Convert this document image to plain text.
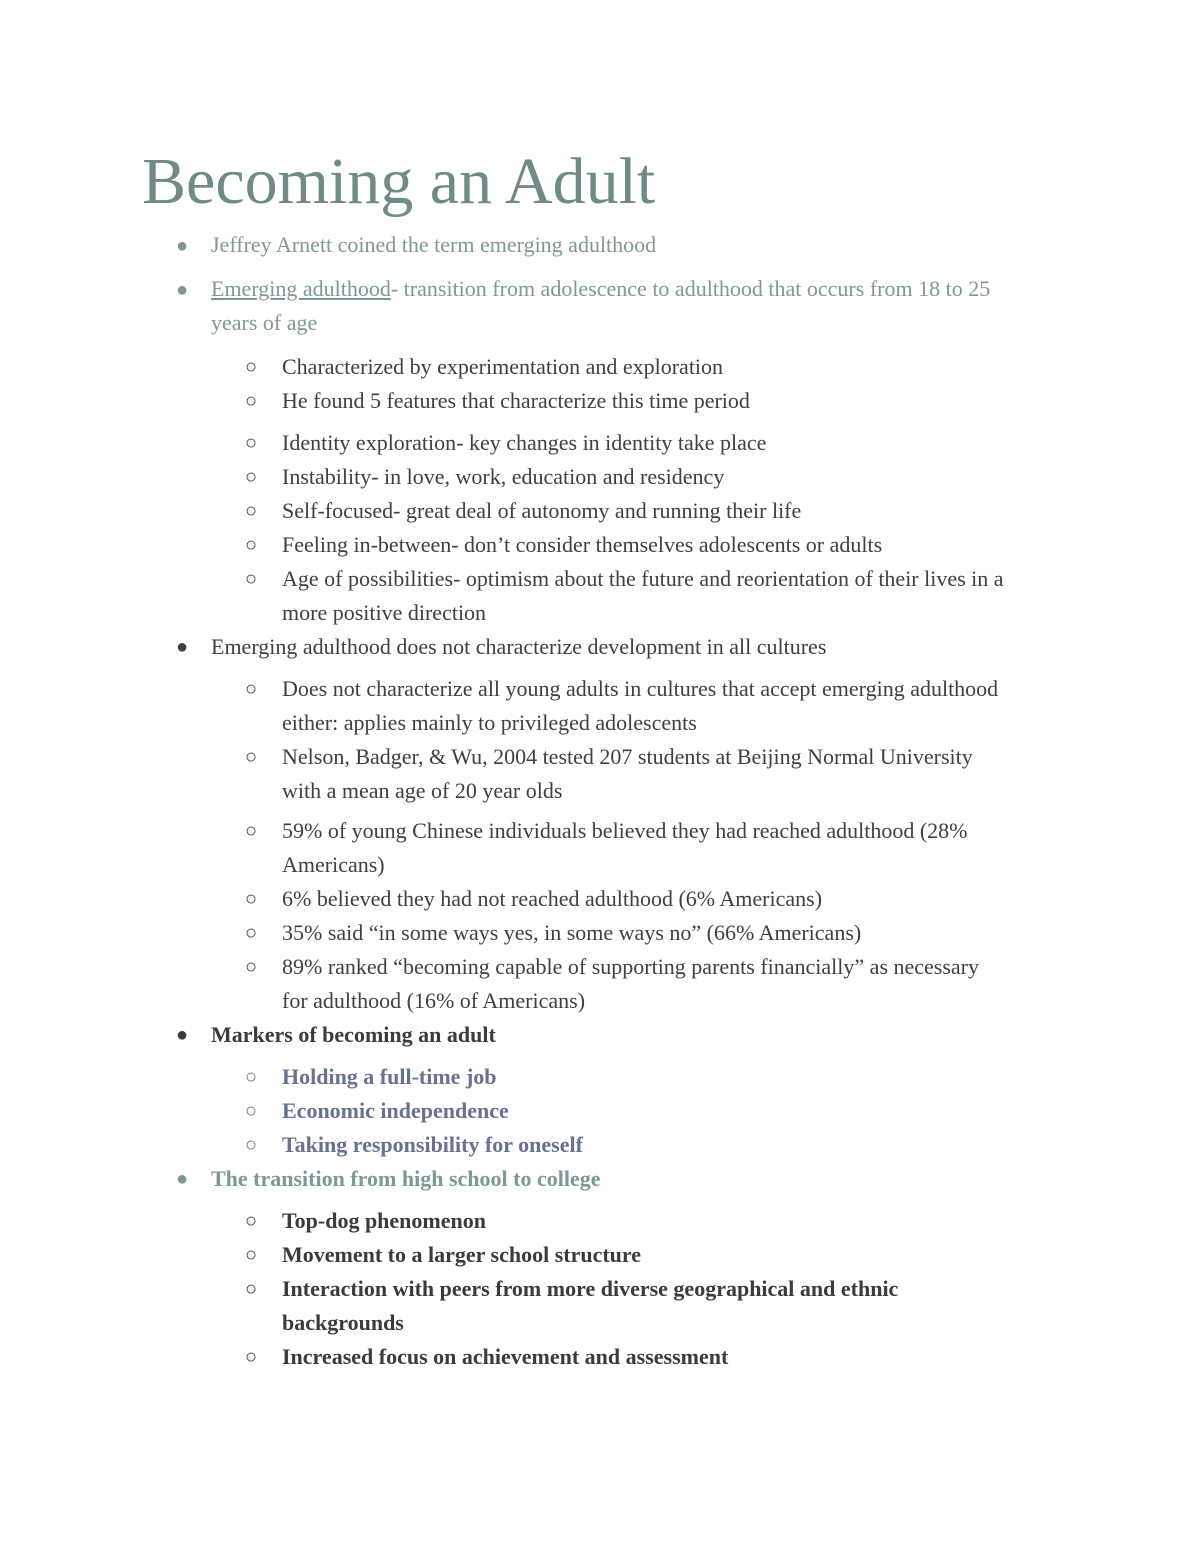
Becoming an Adult
● Jeffrey Arnett coined the term emerging adulthood
● Emerging adulthood- transition from adolescence to adulthood that occurs from 18 to 25
years of age
○ Characterized by experimentation and exploration
○ He found 5 features that characterize this time period
○ Identity exploration- key changes in identity take place
○ Instability- in love, work, education and residency
○ Self-focused- great deal of autonomy and running their life
○ Feeling in-between- don’t consider themselves adolescents or adults
○ Age of possibilities- optimism about the future and reorientation of their lives in a
more positive direction
● Emerging adulthood does not characterize development in all cultures
○ Does not characterize all young adults in cultures that accept emerging adulthood
either: applies mainly to privileged adolescents
○ Nelson, Badger, & Wu, 2004 tested 207 students at Beijing Normal University
with a mean age of 20 year olds
○ 59% of young Chinese individuals believed they had reached adulthood (28%
Americans)
○ 6% believed they had not reached adulthood (6% Americans)
○ 35% said “in some ways yes, in some ways no” (66% Americans)
○ 89% ranked “becoming capable of supporting parents financially” as necessary
for adulthood (16% of Americans)
● Markers of becoming an adult
○ Holding a full-time job
○ Economic independence
○ Taking responsibility for oneself
● The transition from high school to college
○ Top-dog phenomenon
○ Movement to a larger school structure
○ Interaction with peers from more diverse geographical and ethnic
backgrounds
○ Increased focus on achievement and assessment
